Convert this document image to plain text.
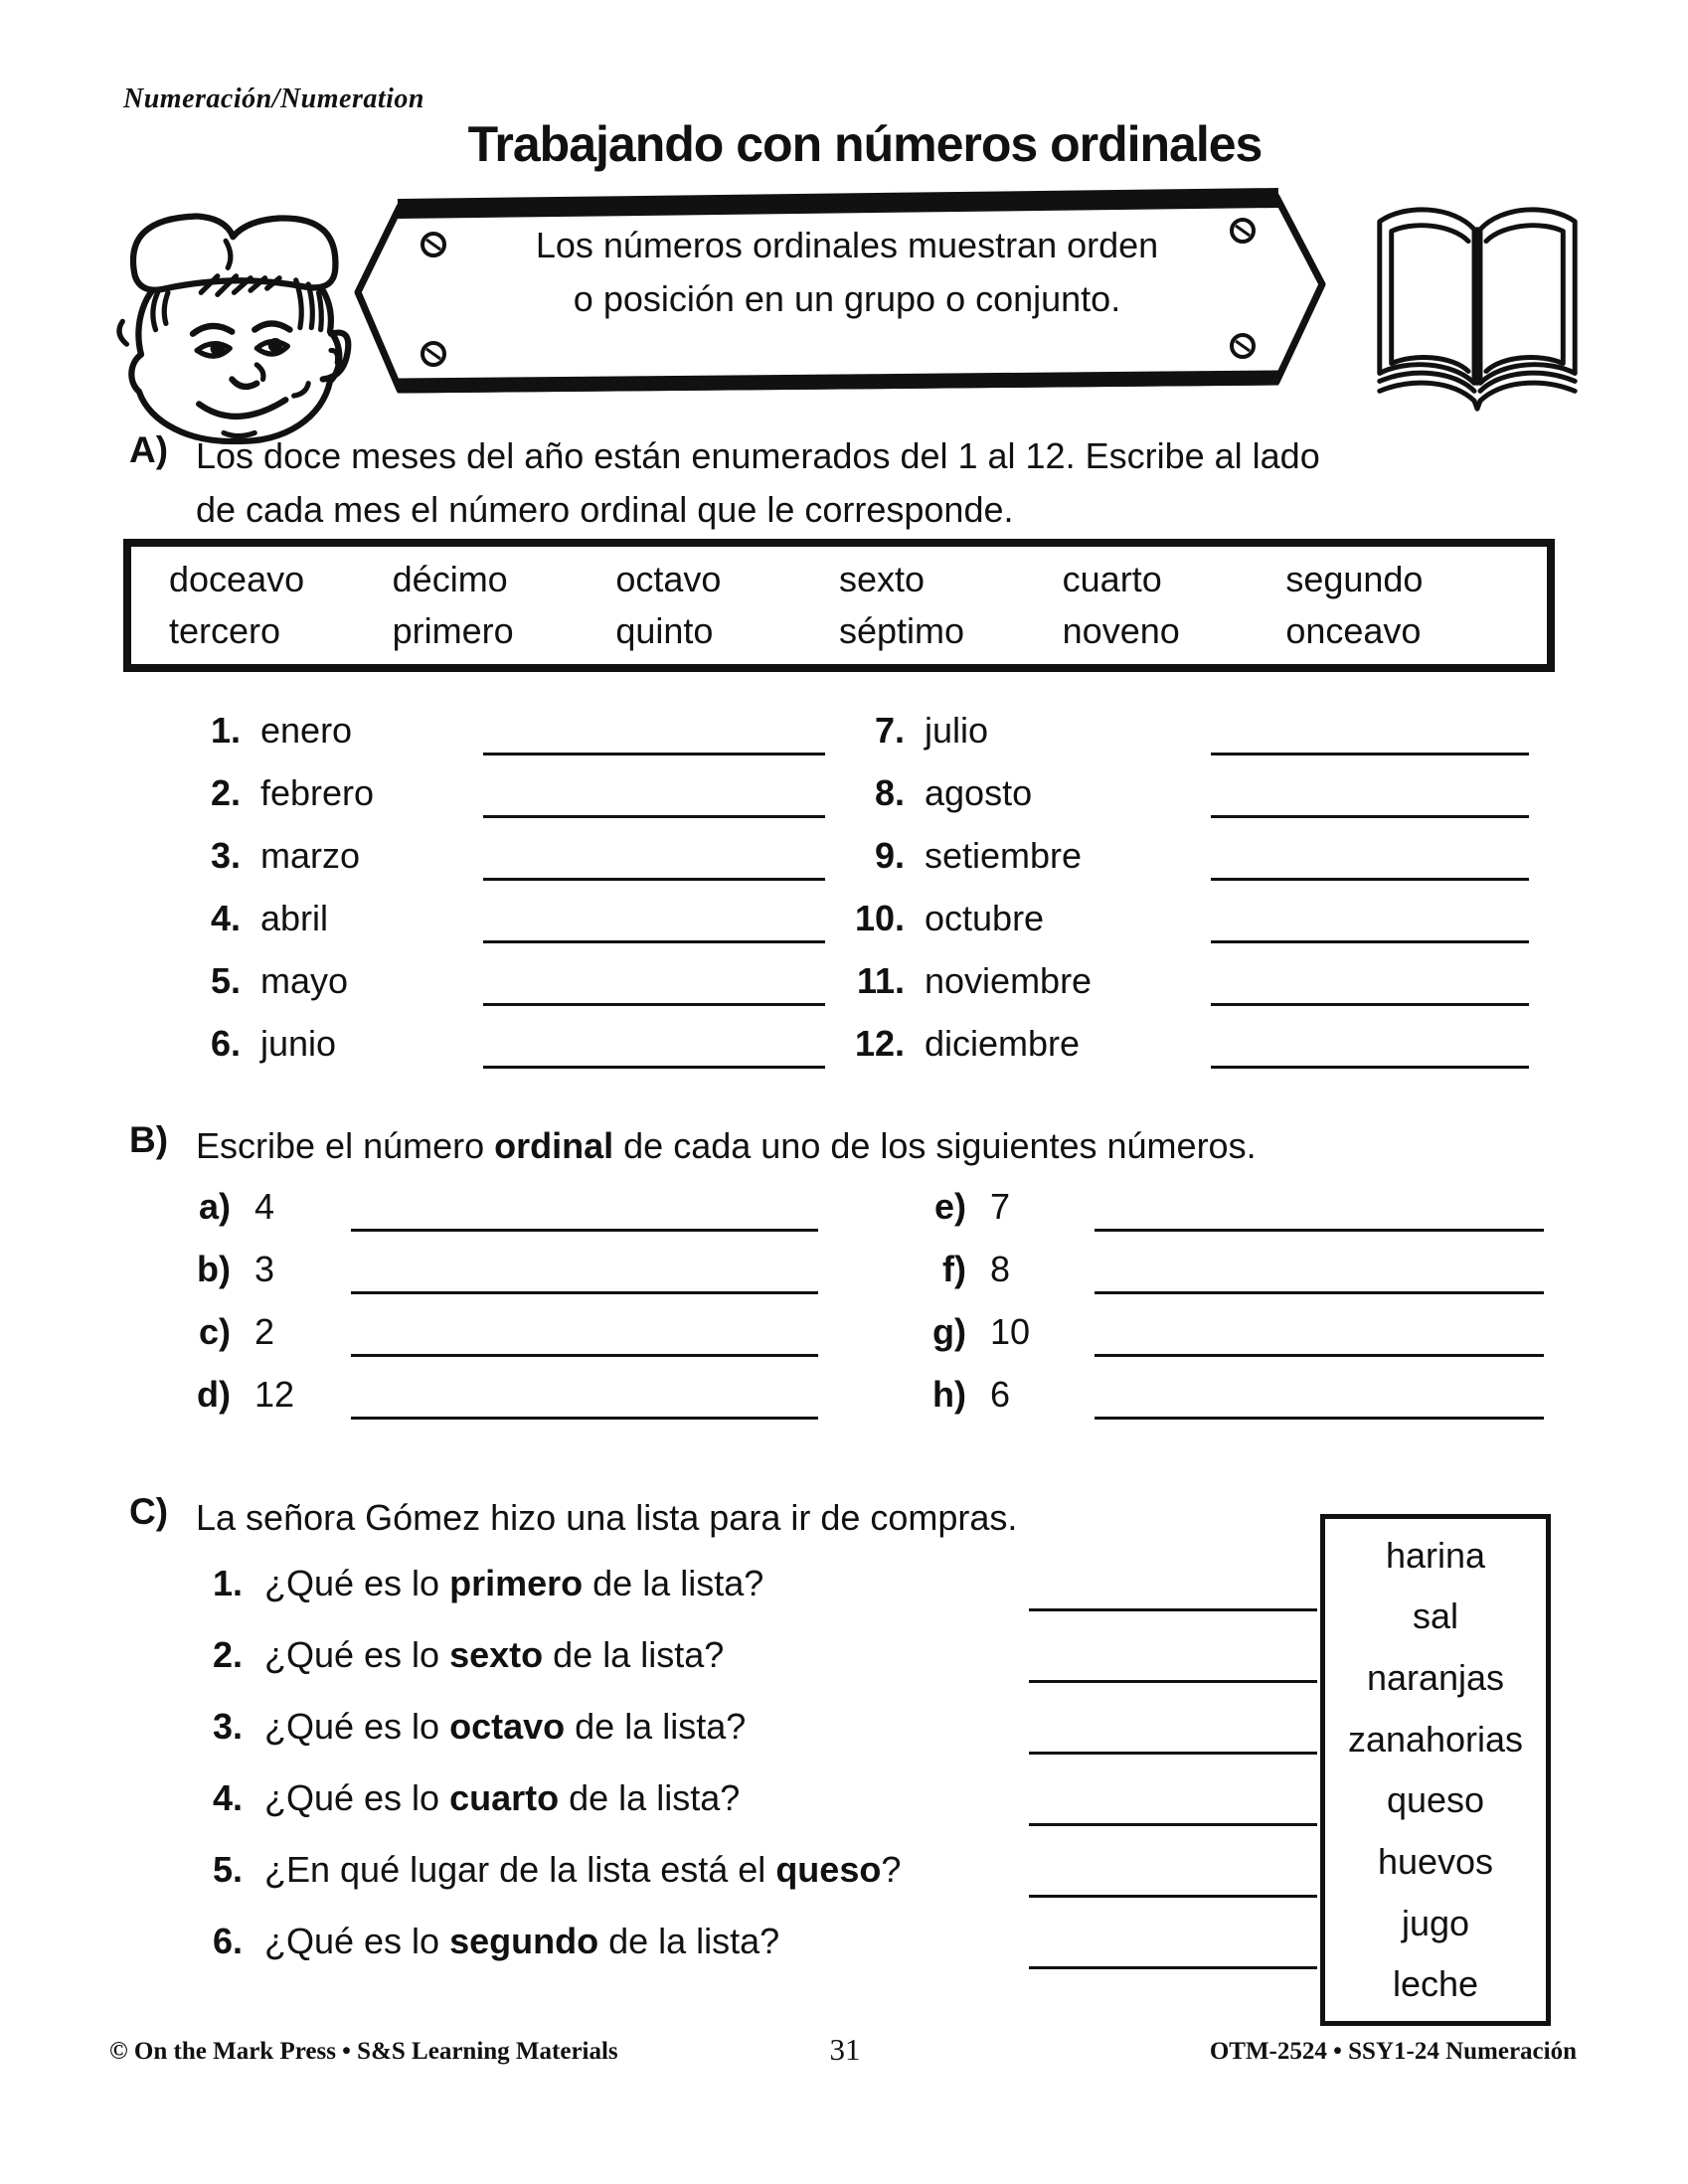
Numeración/Numeration
Trabajando con números ordinales
Los números ordinales muestran orden
o posición en un grupo o conjunto.
A) Los doce meses del año están enumerados del 1 al 12. Escribe al lado
de cada mes el número ordinal que le corresponde.
doceavo	décimo	octavo	sexto	cuarto	segundo
tercero	primero	quinto	séptimo	noveno	onceavo
1. enero
2. febrero
3. marzo
4. abril
5. mayo
6. junio
7. julio
8. agosto
9. setiembre
10. octubre
11. noviembre
12. diciembre
B) Escribe el número ordinal de cada uno de los siguientes números.
a) 4
b) 3
c) 2
d) 12
e) 7
f) 8
g) 10
h) 6
C) La señora Gómez hizo una lista para ir de compras.
1. ¿Qué es lo primero de la lista?
2. ¿Qué es lo sexto de la lista?
3. ¿Qué es lo octavo de la lista?
4. ¿Qué es lo cuarto de la lista?
5. ¿En qué lugar de la lista está el queso?
6. ¿Qué es lo segundo de la lista?
harina
sal
naranjas
zanahorias
queso
huevos
jugo
leche
© On the Mark Press • S&S Learning Materials	31	OTM-2524 • SSY1-24 Numeración
